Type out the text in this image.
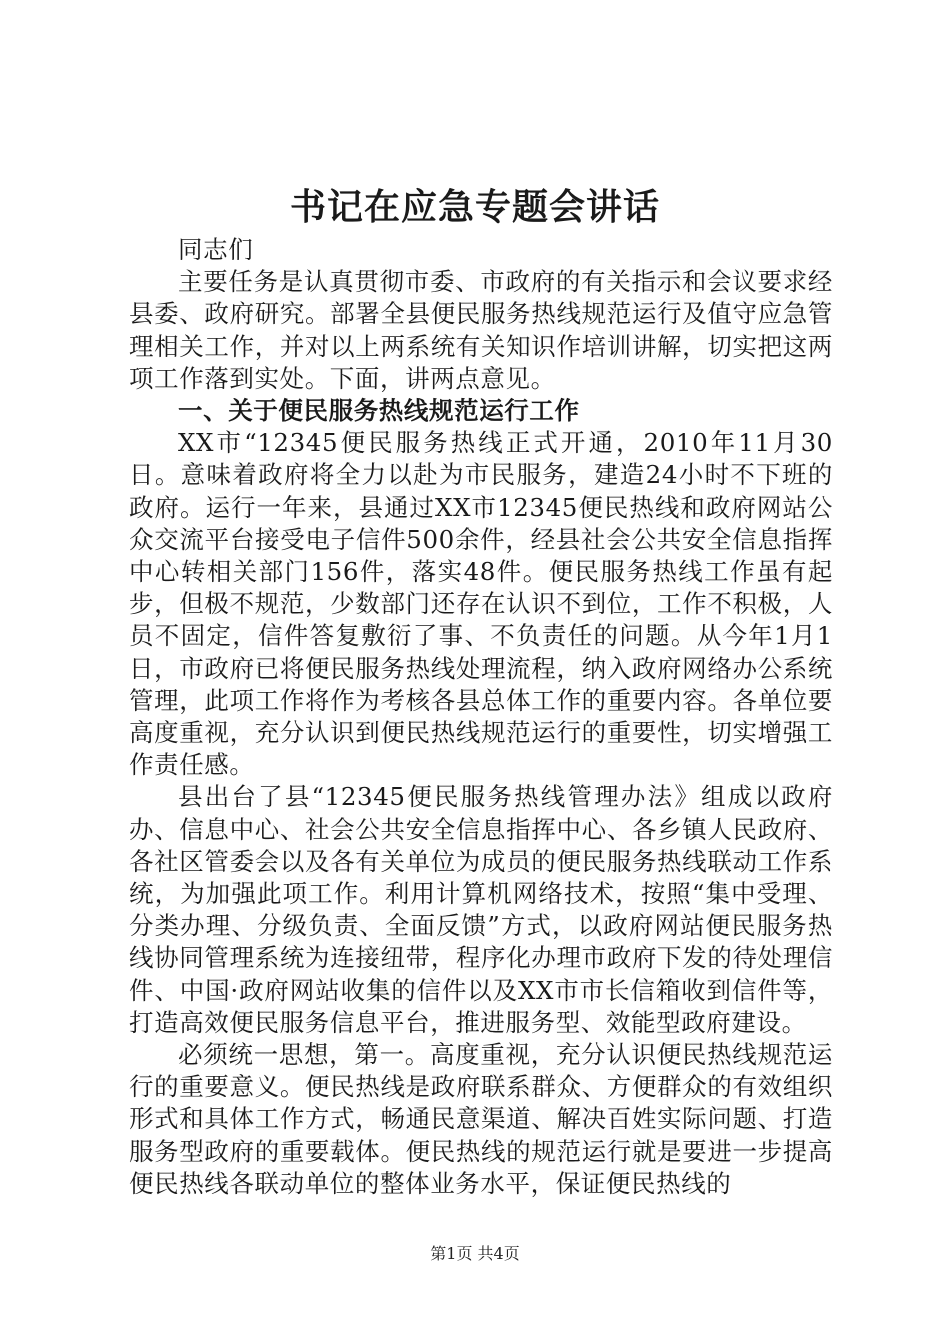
书记在应急专题会讲话

同志们

主要任务是认真贯彻市委、市政府的有关指示和会议要求经县委、政府研究。部署全县便民服务热线规范运行及值守应急管理相关工作，并对以上两系统有关知识作培训讲解，切实把这两项工作落到实处。下面，讲两点意见。

一、关于便民服务热线规范运行工作

XX市“12345便民服务热线正式开通，2010年11月30日。意味着政府将全力以赴为市民服务，建造24小时不下班的政府。运行一年来，县通过XX市12345便民热线和政府网站公众交流平台接受电子信件500余件，经县社会公共安全信息指挥中心转相关部门156件，落实48件。便民服务热线工作虽有起步，但极不规范，少数部门还存在认识不到位，工作不积极，人员不固定，信件答复敷衍了事、不负责任的问题。从今年1月1日，市政府已将便民服务热线处理流程，纳入政府网络办公系统管理，此项工作将作为考核各县总体工作的重要内容。各单位要高度重视，充分认识到便民热线规范运行的重要性，切实增强工作责任感。

县出台了县“12345便民服务热线管理办法》组成以政府办、信息中心、社会公共安全信息指挥中心、各乡镇人民政府、各社区管委会以及各有关单位为成员的便民服务热线联动工作系统，为加强此项工作。利用计算机网络技术，按照“集中受理、分类办理、分级负责、全面反馈”方式，以政府网站便民服务热线协同管理系统为连接纽带，程序化办理市政府下发的待处理信件、中国·政府网站收集的信件以及XX市市长信箱收到信件等，打造高效便民服务信息平台，推进服务型、效能型政府建设。

必须统一思想，第一。高度重视，充分认识便民热线规范运行的重要意义。便民热线是政府联系群众、方便群众的有效组织形式和具体工作方式，畅通民意渠道、解决百姓实际问题、打造服务型政府的重要载体。便民热线的规范运行就是要进一步提高便民热线各联动单位的整体业务水平，保证便民热线的

第1页 共4页
